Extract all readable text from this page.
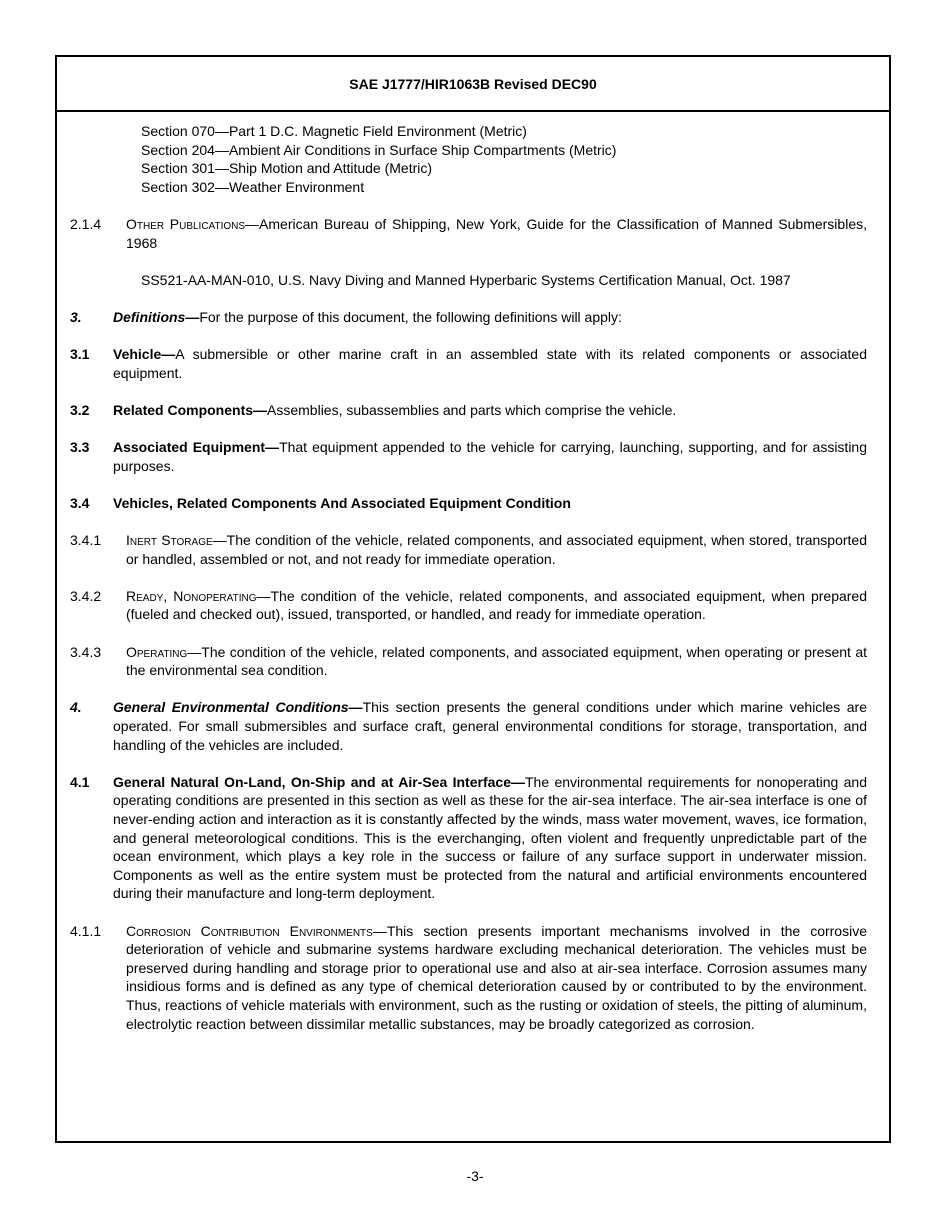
SAE J1777/HIR1063B Revised DEC90
Section 070—Part 1 D.C. Magnetic Field Environment (Metric)
Section 204—Ambient Air Conditions in Surface Ship Compartments (Metric)
Section 301—Ship Motion and Attitude (Metric)
Section 302—Weather Environment
2.1.4	Other Publications—American Bureau of Shipping, New York, Guide for the Classification of Manned Submersibles, 1968
SS521-AA-MAN-010, U.S. Navy Diving and Manned Hyperbaric Systems Certification Manual, Oct. 1987
3.	Definitions—For the purpose of this document, the following definitions will apply:
3.1	Vehicle—A submersible or other marine craft in an assembled state with its related components or associated equipment.
3.2	Related Components—Assemblies, subassemblies and parts which comprise the vehicle.
3.3	Associated Equipment—That equipment appended to the vehicle for carrying, launching, supporting, and for assisting purposes.
3.4	Vehicles, Related Components And Associated Equipment Condition
3.4.1	Inert Storage—The condition of the vehicle, related components, and associated equipment, when stored, transported or handled, assembled or not, and not ready for immediate operation.
3.4.2	Ready, Nonoperating—The condition of the vehicle, related components, and associated equipment, when prepared (fueled and checked out), issued, transported, or handled, and ready for immediate operation.
3.4.3	Operating—The condition of the vehicle, related components, and associated equipment, when operating or present at the environmental sea condition.
4.	General Environmental Conditions—This section presents the general conditions under which marine vehicles are operated. For small submersibles and surface craft, general environmental conditions for storage, transportation, and handling of the vehicles are included.
4.1	General Natural On-Land, On-Ship and at Air-Sea Interface—The environmental requirements for nonoperating and operating conditions are presented in this section as well as these for the air-sea interface. The air-sea interface is one of never-ending action and interaction as it is constantly affected by the winds, mass water movement, waves, ice formation, and general meteorological conditions. This is the everchanging, often violent and frequently unpredictable part of the ocean environment, which plays a key role in the success or failure of any surface support in underwater mission. Components as well as the entire system must be protected from the natural and artificial environments encountered during their manufacture and long-term deployment.
4.1.1	Corrosion Contribution Environments—This section presents important mechanisms involved in the corrosive deterioration of vehicle and submarine systems hardware excluding mechanical deterioration. The vehicles must be preserved during handling and storage prior to operational use and also at air-sea interface. Corrosion assumes many insidious forms and is defined as any type of chemical deterioration caused by or contributed to by the environment. Thus, reactions of vehicle materials with environment, such as the rusting or oxidation of steels, the pitting of aluminum, electrolytic reaction between dissimilar metallic substances, may be broadly categorized as corrosion.
-3-
